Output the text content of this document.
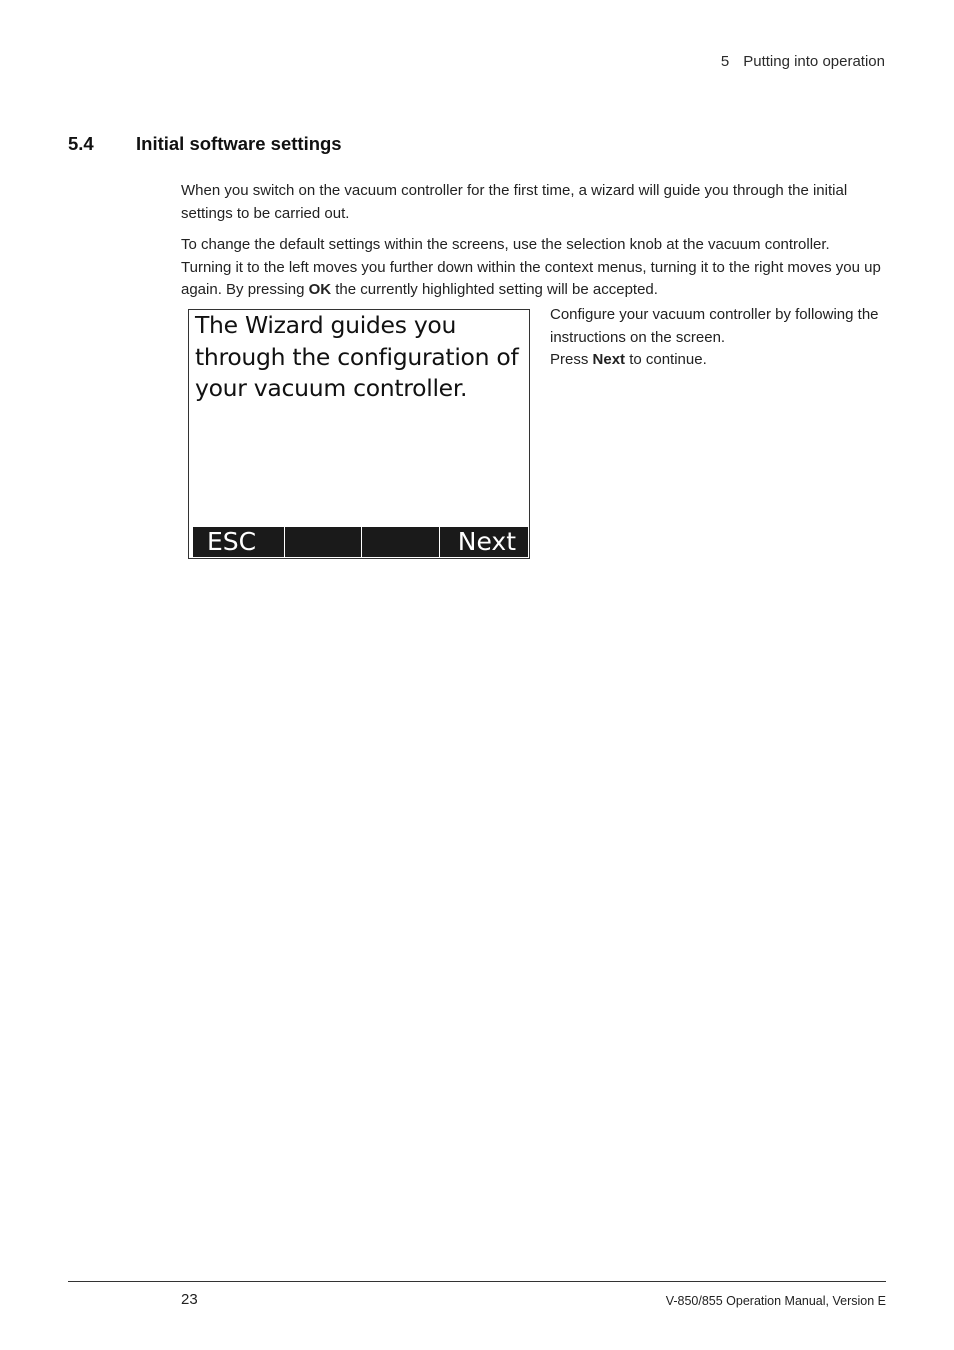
5 Putting into operation
5.4 Initial software settings

When you switch on the vacuum controller for the first time, a wizard will guide you through the initial settings to be carried out.

To change the default settings within the screens, use the selection knob at the vacuum controller. Turning it to the left moves you further down within the context menus, turning it to the right moves you up again. By pressing OK the currently highlighted setting will be accepted.

The Wizard guides you through the configuration of your vacuum controller.
ESC	Next
Configure your vacuum controller by following the instructions on the screen.
Press Next to continue.
23	V-850/855 Operation Manual, Version E
